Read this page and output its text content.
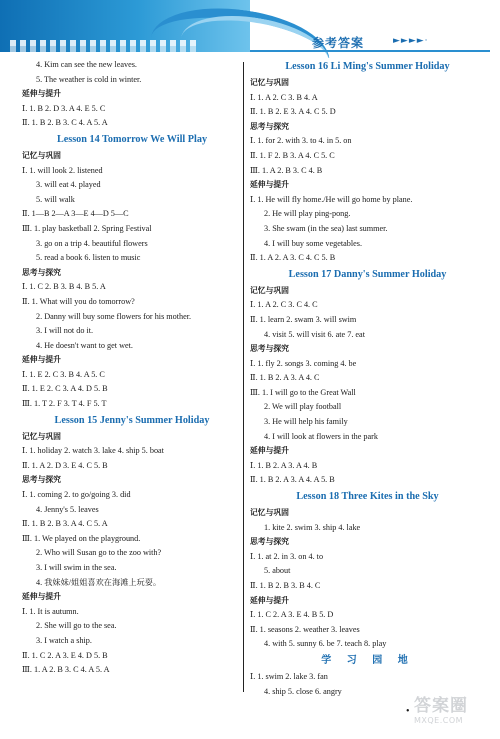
参考答案	►►►►·
4. Kim can see the new leaves.
5. The weather is cold in winter.
延伸与提升
Ⅰ. 1. B 2. D 3. A 4. E 5. C
Ⅱ. 1. B 2. B 3. C 4. A 5. A
Lesson 14 Tomorrow We Will Play
记忆与巩固
Ⅰ. 1. will look 2. listened
3. will eat 4. played
5. will walk
Ⅱ. 1—B 2—A 3—E 4—D 5—C
Ⅲ. 1. play basketball 2. Spring Festival
3. go on a trip 4. beautiful flowers
5. read a book 6. listen to music
思考与探究
Ⅰ. 1. C 2. B 3. B 4. B 5. A
Ⅱ. 1. What will you do tomorrow?
2. Danny will buy some flowers for his mother.
3. I will not do it.
4. He doesn't want to get wet.
延伸与提升
Ⅰ. 1. E 2. C 3. B 4. A 5. C
Ⅱ. 1. E 2. C 3. A 4. D 5. B
Ⅲ. 1. T 2. F 3. T 4. F 5. T
Lesson 15 Jenny's Summer Holiday
记忆与巩固
Ⅰ. 1. holiday 2. watch 3. lake 4. ship 5. boat
Ⅱ. 1. A 2. D 3. E 4. C 5. B
思考与探究
Ⅰ. 1. coming 2. to go/going 3. did
4. Jenny's 5. leaves
Ⅱ. 1. B 2. B 3. A 4. C 5. A
Ⅲ. 1. We played on the playground.
2. Who will Susan go to the zoo with?
3. I will swim in the sea.
4. 我妹妹/姐姐喜欢在海滩上玩耍。
延伸与提升
Ⅰ. 1. It is autumn.
2. She will go to the sea.
3. I watch a ship.
Ⅱ. 1. C 2. A 3. E 4. D 5. B
Ⅲ. 1. A 2. B 3. C 4. A 5. A
Lesson 16 Li Ming's Summer Holiday
记忆与巩固
Ⅰ. 1. A 2. C 3. B 4. A
Ⅱ. 1. B 2. E 3. A 4. C 5. D
思考与探究
Ⅰ. 1. for 2. with 3. to 4. in 5. on
Ⅱ. 1. F 2. B 3. A 4. C 5. C
Ⅲ. 1. A 2. B 3. C 4. B
延伸与提升
Ⅰ. 1. He will fly home./He will go home by plane.
2. He will play ping-pong.
3. She swam (in the sea) last summer.
4. I will buy some vegetables.
Ⅱ. 1. A 2. A 3. C 4. C 5. B
Lesson 17 Danny's Summer Holiday
记忆与巩固
Ⅰ. 1. A 2. C 3. C 4. C
Ⅱ. 1. learn 2. swam 3. will swim
4. visit 5. will visit 6. ate 7. eat
思考与探究
Ⅰ. 1. fly 2. songs 3. coming 4. be
Ⅱ. 1. B 2. A 3. A 4. C
Ⅲ. 1. I will go to the Great Wall
2. We will play football
3. He will help his family
4. I will look at flowers in the park
延伸与提升
Ⅰ. 1. B 2. A 3. A 4. B
Ⅱ. 1. B 2. A 3. A 4. A 5. B
Lesson 18 Three Kites in the Sky
记忆与巩固
1. kite 2. swim 3. ship 4. lake
思考与探究
Ⅰ. 1. at 2. in 3. on 4. to
5. about
Ⅱ. 1. B 2. B 3. B 4. C
延伸与提升
Ⅰ. 1. C 2. A 3. E 4. B 5. D
Ⅱ. 1. seasons 2. weather 3. leaves
4. with 5. sunny 6. be 7. teach 8. play
学 习 园 地
Ⅰ. 1. swim 2. lake 3. fan
4. ship 5. close 6. angry
• 答案圈
MXQE.COM
